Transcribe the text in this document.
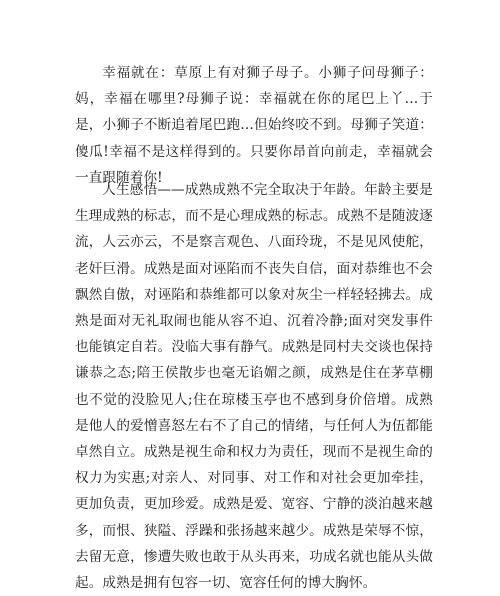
幸福就在：草原上有对狮子母子。小狮子问母狮子：妈，幸福在哪里?母狮子说：幸福就在你的尾巴上丫…于是，小狮子不断追着尾巴跑…但始终咬不到。母狮子笑道：傻瓜!幸福不是这样得到的。只要你昂首向前走，幸福就会一直跟随着你!

人生感悟——成熟成熟不完全取决于年龄。年龄主要是生理成熟的标志，而不是心理成熟的标志。成熟不是随波逐流，人云亦云，不是察言观色、八面玲珑，不是见风使舵，老奸巨滑。成熟是面对诬陷而不丧失自信，面对恭维也不会飘然自傲，对诬陷和恭维都可以象对灰尘一样轻轻拂去。成熟是面对无礼取闹也能从容不迫、沉着冷静;面对突发事件也能镇定自若。没临大事有静气。成熟是同村夫交谈也保持谦恭之态;陪王侯散步也毫无谄媚之颜，成熟是住在茅草棚也不觉的没脸见人;住在琼楼玉亭也不感到身价倍增。成熟是他人的爱憎喜怒左右不了自己的情绪，与任何人为伍都能卓然自立。成熟是视生命和权力为责任，现而不是视生命的权力为实惠;对亲人、对同事、对工作和对社会更加牵挂，更加负责，更加珍爱。成熟是爱、宽容、宁静的淡泊越来越多，而恨、狭隘、浮躁和张扬越来越少。成熟是荣辱不惊，去留无意，惨遭失败也敢于从头再来，功成名就也能从头做起。成熟是拥有包容一切、宽容任何的博大胸怀。
